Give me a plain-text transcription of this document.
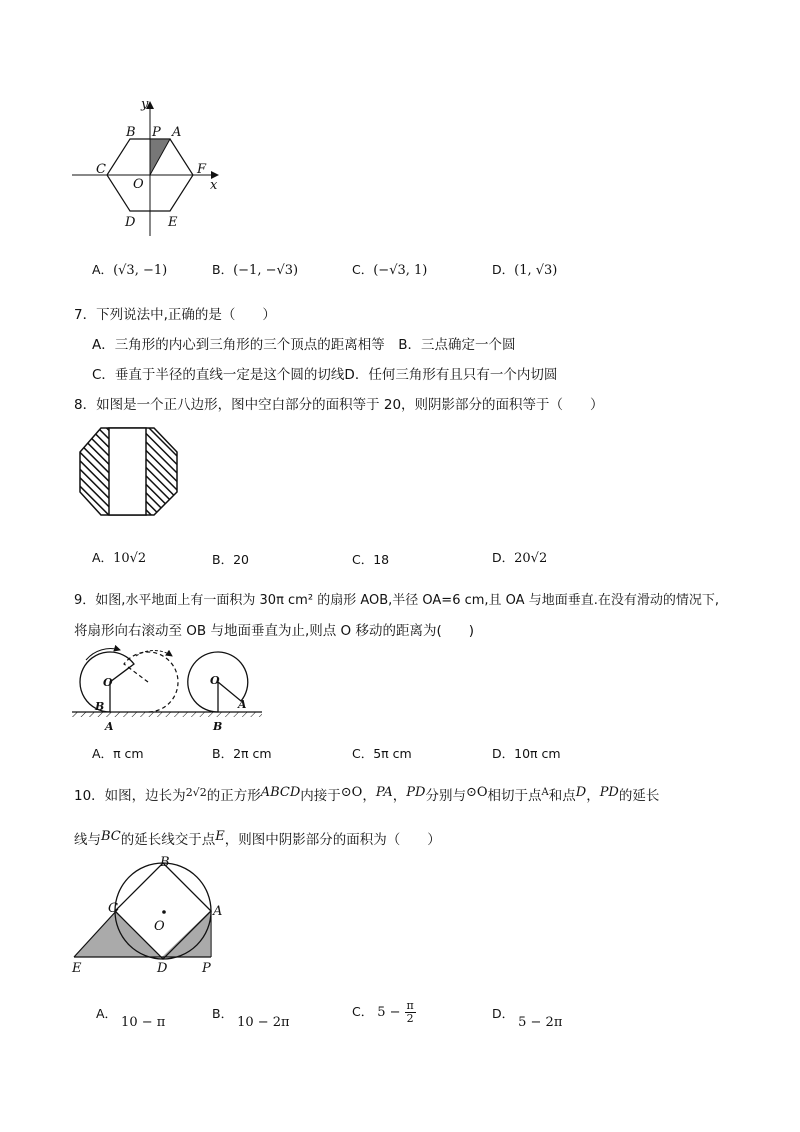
y
B P A
C
O
F
x
D	E
A．(√3, −1)	B．(−1, −√3)	C．(−√3, 1)	D．(1, √3)
7．下列说法中,正确的是（　　）
A．三角形的内心到三角形的三个顶点的距离相等　B．三点确定一个圆
C．垂直于半径的直线一定是这个圆的切线D．任何三角形有且只有一个内切圆
8．如图是一个正八边形，图中空白部分的面积等于 20，则阴影部分的面积等于（　　）
A．10√2	B．20	C．18	D．20√2
9．如图,水平地面上有一面积为 30π cm² 的扇形 AOB,半径 OA=6 cm,且 OA 与地面垂直.在没有滑动的情况下,
将扇形向右滚动至 OB 与地面垂直为止,则点 O 移动的距离为(　　)
O
B
A
O
A
B
A．π cm	B．2π cm	C．5π cm	D．10π cm
10．如图，边长为$^{2√2}$的正方形ABCD内接于⊙O，PA，PD分别与⊙O相切于点$^A$和点D，PD的延长
线与BC的延长线交于点E，则图中阴影部分的面积为（　　）
B
C	A
O
E	D	P
A． 10 − π
B． 10 − 2π
C． $5 - \frac{\pi}{2}$	D． 5 − 2π
